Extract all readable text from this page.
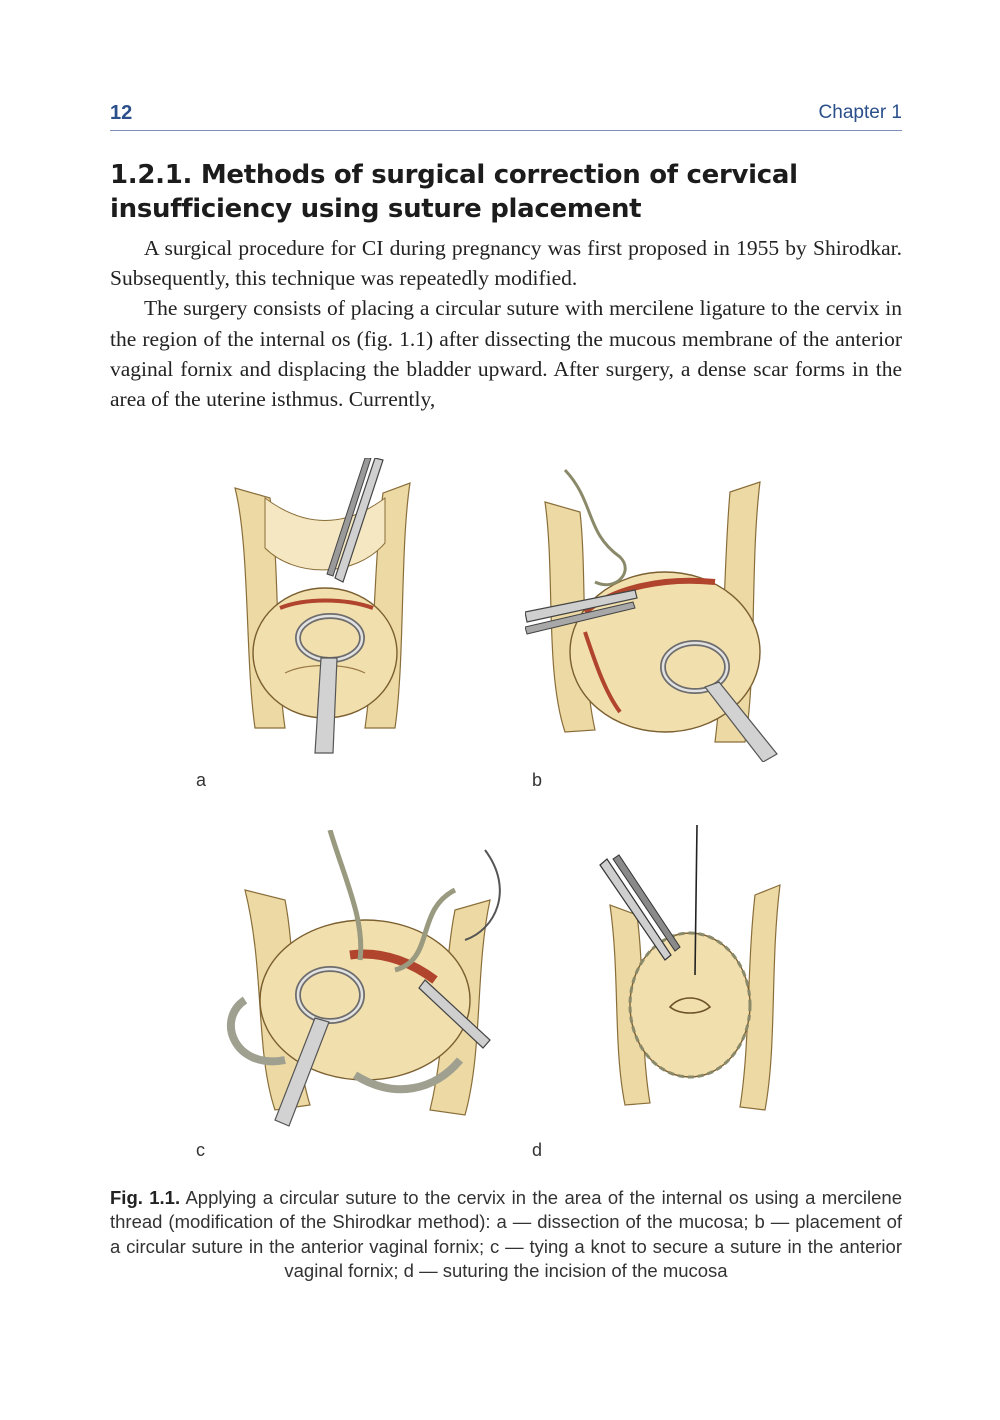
12	Chapter 1
1.2.1. Methods of surgical correction of cervical insufficiency using suture placement

A surgical procedure for CI during pregnancy was first proposed in 1955 by Shirodkar. Subsequently, this technique was repeatedly modified.

The surgery consists of placing a circular suture with mercilene ligature to the cervix in the region of the internal os (fig. 1.1) after dissecting the mucous membrane of the anterior vaginal fornix and displacing the bladder upward. After surgery, a dense scar forms in the area of the uterine isthmus. Currently,

a	b
c	d
Fig. 1.1. Applying a circular suture to the cervix in the area of the internal os using a mercilene thread (modification of the Shirodkar method): a — dissection of the mucosa; b — placement of a circular suture in the anterior vaginal fornix; c — tying a knot to secure a suture in the anterior vaginal fornix; d — suturing the incision of the mucosa
